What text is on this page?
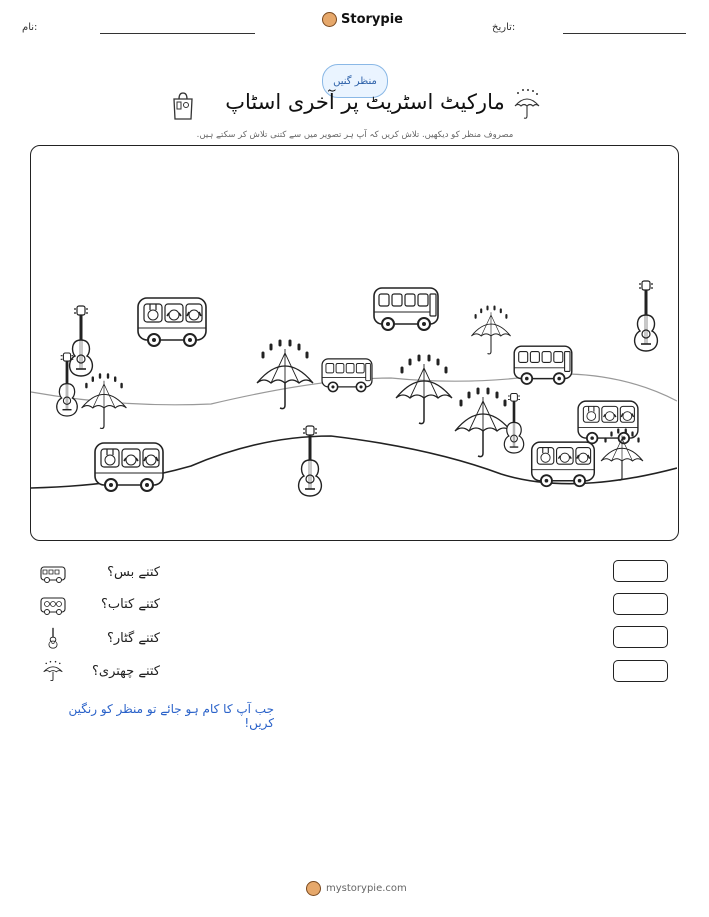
تاریخ:
نام:
Storypie
منظر گنیں
مارکیٹ اسٹریٹ پر آخری اسٹاپ
مصروف منظر کو دیکھیں. تلاش کریں کہ آپ ہر تصویر میں سے کتنی تلاش کر سکتے ہیں.
کتنے بس؟
کتنے کتاب؟
کتنے گٹار؟
کتنے چھتری؟
جب آپ کا کام ہو جائے تو منظر کو رنگین کریں!
mystorypie.com
